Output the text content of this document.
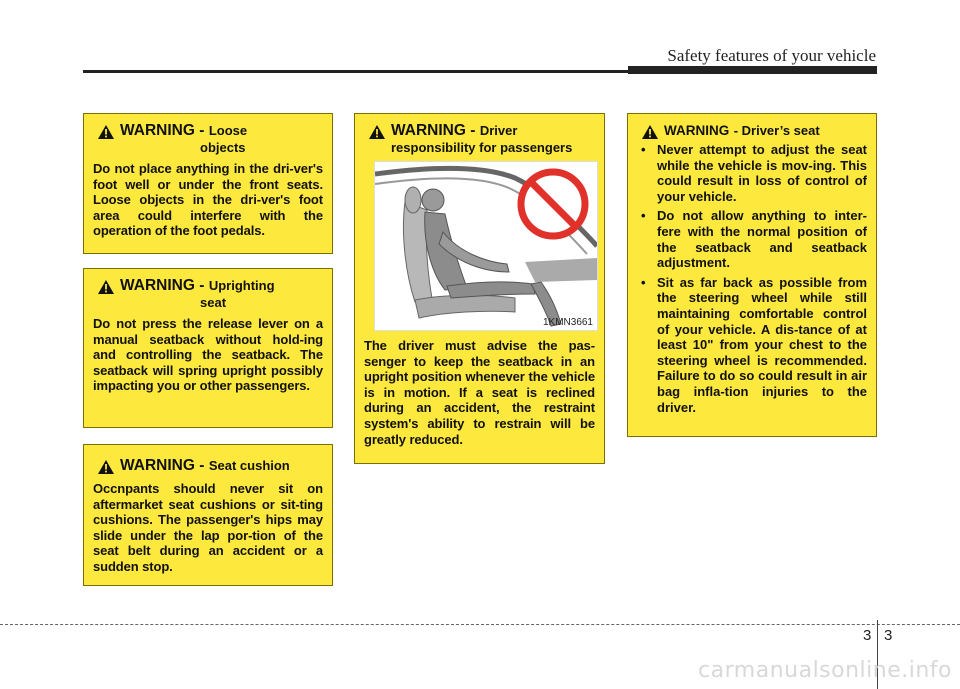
Safety features of your vehicle
WARNING - Loose
objects

Do not place anything in the dri-ver's foot well or under the front seats. Loose objects in the dri-ver's foot area could interfere with the operation of the foot pedals.

WARNING - Uprighting
seat

Do not press the release lever on a manual seatback without hold-ing and controlling the seatback. The seatback will spring upright possibly impacting you or other passengers.

WARNING - Seat cushion

Occnpants should never sit on aftermarket seat cushions or sit-ting cushions. The passenger's hips may slide under the lap por-tion of the seat belt during an accident or a sudden stop.

WARNING - Driver
responsibility for passengers
1KMN3661

The driver must advise the pas-senger to keep the seatback in an upright position whenever the vehicle is in motion. If a seat is reclined during an accident, the restraint system's ability to restrain will be greatly reduced.

WARNING - Driver’s seat
• Never attempt to adjust the seat while the vehicle is mov-ing. This could result in loss of control of your vehicle.
• Do not allow anything to inter-fere with the normal position of the seatback and seatback adjustment.
• Sit as far back as possible from the steering wheel while still maintaining comfortable control of your vehicle. A dis-tance of at least 10" from your chest to the steering wheel is recommended. Failure to do so could result in air bag infla-tion injuries to the driver.
3 3
carmanualsonline.info
